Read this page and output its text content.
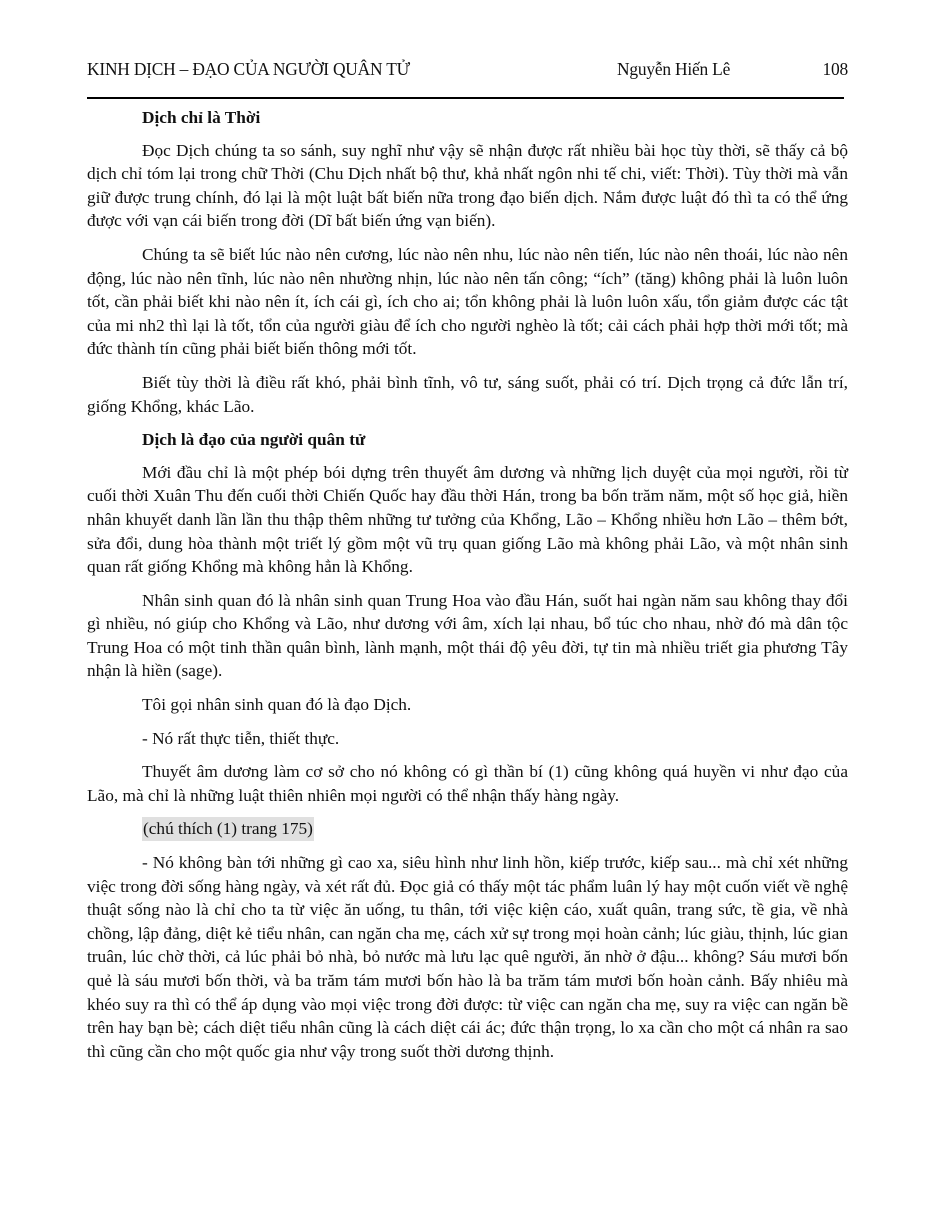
KINH DỊCH – ĐẠO CỦA NGƯỜI QUÂN TỬ	Nguyễn Hiến Lê	108
Dịch chỉ là Thời

Đọc Dịch chúng ta so sánh, suy nghĩ như vậy sẽ nhận được rất nhiều bài học tùy thời, sẽ thấy cả bộ dịch chỉ tóm lại trong chữ Thời (Chu Dịch nhất bộ thư, khả nhất ngôn nhi tế chi, viết: Thời). Tùy thời mà vẫn giữ được trung chính, đó lại là một luật bất biến nữa trong đạo biến dịch. Nắm được luật đó thì ta có thể ứng được với vạn cái biến trong đời (Dĩ bất biến ứng vạn biến).

Chúng ta sẽ biết lúc nào nên cương, lúc nào nên nhu, lúc nào nên tiến, lúc nào nên thoái, lúc nào nên động, lúc nào nên tĩnh, lúc nào nên nhường nhịn, lúc nào nên tấn công; “ích” (tăng) không phải là luôn luôn tốt, cần phải biết khi nào nên ít, ích cái gì, ích cho ai; tổn không phải là luôn luôn xấu, tổn giảm được các tật của mi nh2 thì lại là tốt, tổn của người giàu để ích cho người nghèo là tốt; cải cách phải hợp thời mới tốt; mà đức thành tín cũng phải biết biến thông mới tốt.

Biết tùy thời là điều rất khó, phải bình tĩnh, vô tư, sáng suốt, phải có trí. Dịch trọng cả đức lẫn trí, giống Khổng, khác Lão.

Dịch là đạo của người quân tử

Mới đầu chỉ là một phép bói dựng trên thuyết âm dương và những lịch duyệt của mọi người, rồi từ cuối thời Xuân Thu đến cuối thời Chiến Quốc hay đầu thời Hán, trong ba bốn trăm năm, một số học giả, hiền nhân khuyết danh lần lần thu thập thêm những tư tưởng của Khổng, Lão – Khổng nhiều hơn Lão – thêm bớt, sửa đổi, dung hòa thành một triết lý gồm một vũ trụ quan giống Lão mà không phải Lão, và một nhân sinh quan rất giống Khổng mà không hẳn là Khổng.

Nhân sinh quan đó là nhân sinh quan Trung Hoa vào đầu Hán, suốt hai ngàn năm sau không thay đổi gì nhiều, nó giúp cho Khổng và Lão, như dương với âm, xích lại nhau, bổ túc cho nhau, nhờ đó mà dân tộc Trung Hoa có một tinh thần quân bình, lành mạnh, một thái độ yêu đời, tự tin mà nhiều triết gia phương Tây nhận là hiền (sage).

Tôi gọi nhân sinh quan đó là đạo Dịch.

- Nó rất thực tiễn, thiết thực.

Thuyết âm dương làm cơ sở cho nó không có gì thần bí (1) cũng không quá huyền vi như đạo của Lão, mà chỉ là những luật thiên nhiên mọi người có thể nhận thấy hàng ngày.

(chú thích (1) trang 175)

- Nó không bàn tới những gì cao xa, siêu hình như linh hồn, kiếp trước, kiếp sau... mà chỉ xét những việc trong đời sống hàng ngày, và xét rất đủ. Đọc giả có thấy một tác phẩm luân lý hay một cuốn viết về nghệ thuật sống nào là chỉ cho ta từ việc ăn uống, tu thân, tới việc kiện cáo, xuất quân, trang sức, tề gia, về nhà chồng, lập đảng, diệt kẻ tiểu nhân, can ngăn cha mẹ, cách xử sự trong mọi hoàn cảnh; lúc giàu, thịnh, lúc gian truân, lúc chờ thời, cả lúc phải bỏ nhà, bỏ nước mà lưu lạc quê người, ăn nhờ ở đậu... không? Sáu mươi bốn quẻ là sáu mươi bốn thời, và ba trăm tám mươi bốn hào là ba trăm tám mươi bốn hoàn cảnh. Bấy nhiêu mà khéo suy ra thì có thể áp dụng vào mọi việc trong đời được: từ việc can ngăn cha mẹ, suy ra việc can ngăn bề trên hay bạn bè; cách diệt tiểu nhân cũng là cách diệt cái ác; đức thận trọng, lo xa cần cho một cá nhân ra sao thì cũng cần cho một quốc gia như vậy trong suốt thời dương thịnh.
